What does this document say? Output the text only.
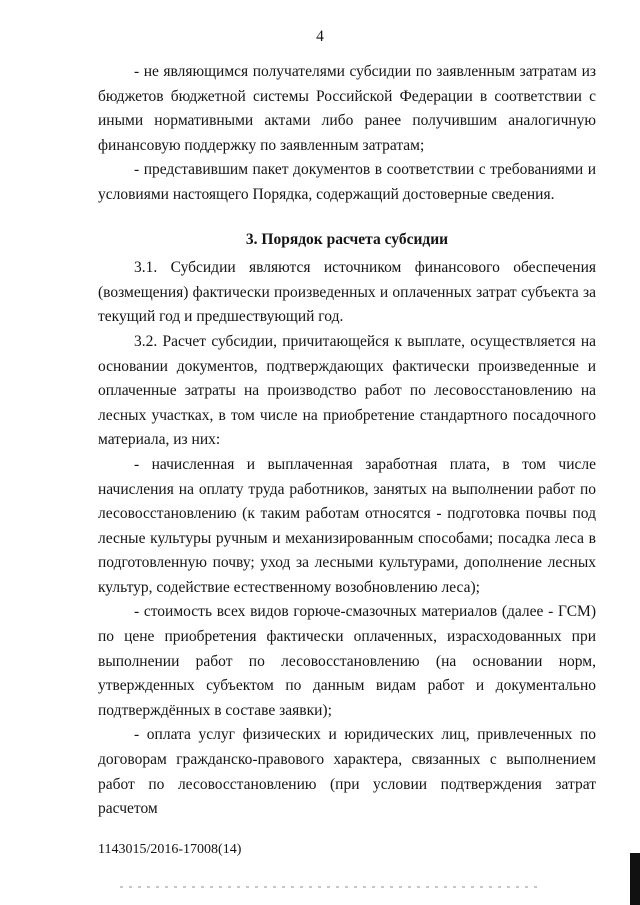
4

- не являющимся получателями субсидии по заявленным затратам из бюджетов бюджетной системы Российской Федерации в соответствии с иными нормативными актами либо ранее получившим аналогичную финансовую поддержку по заявленным затратам;

- представившим пакет документов в соответствии с требованиями и условиями настоящего Порядка, содержащий достоверные сведения.

3. Порядок расчета субсидии

3.1. Субсидии являются источником финансового обеспечения (возмещения) фактически произведенных и оплаченных затрат субъекта за текущий год и предшествующий год.

3.2. Расчет субсидии, причитающейся к выплате, осуществляется на основании документов, подтверждающих фактически произведенные и оплаченные затраты на производство работ по лесовосстановлению на лесных участках, в том числе на приобретение стандартного посадочного материала, из них:

- начисленная и выплаченная заработная плата, в том числе начисления на оплату труда работников, занятых на выполнении работ по лесовосстановлению (к таким работам относятся - подготовка почвы под лесные культуры ручным и механизированным способами; посадка леса в подготовленную почву; уход за лесными культурами, дополнение лесных культур, содействие естественному возобновлению леса);

- стоимость всех видов горюче-смазочных материалов (далее - ГСМ) по цене приобретения фактически оплаченных, израсходованных при выполнении работ по лесовосстановлению (на основании норм, утвержденных субъектом по данным видам работ и документально подтверждённых в составе заявки);

- оплата услуг физических и юридических лиц, привлеченных по договорам гражданско-правового характера, связанных с выполнением работ по лесовосстановлению (при условии подтверждения затрат расчетом

1143015/2016-17008(14)
